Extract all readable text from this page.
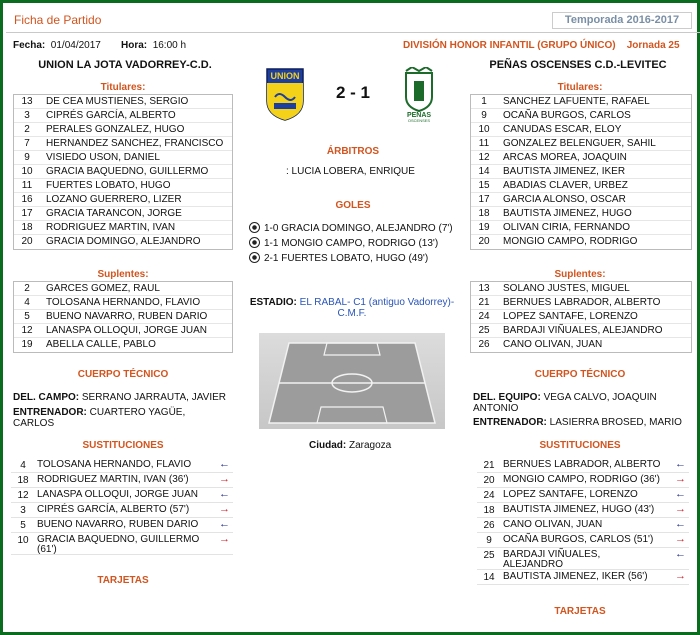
Ficha de Partido	Temporada 2016-2017
Fecha: 01/04/2017 Hora: 16:00 h	DIVISIÓN HONOR INFANTIL (GRUPO ÚNICO) Jornada 25
UNION LA JOTA VADORREY-C.D.	PEÑAS OSCENSES C.D.-LEVITEC
UNION
2 - 1
PEÑAS
OSCENSES
Titulares:	Titulares:
13	DE CEA MUSTIENES, SERGIO
3	CIPRÉS GARCÍA, ALBERTO
2	PERALES GONZALEZ, HUGO
7	HERNANDEZ SANCHEZ, FRANCISCO
9	VISIEDO USON, DANIEL
10	GRACIA BAQUEDNO, GUILLERMO
11	FUERTES LOBATO, HUGO
16	LOZANO GUERRERO, LIZER
17	GRACIA TARANCON, JORGE
18	RODRIGUEZ MARTIN, IVAN
20	GRACIA DOMINGO, ALEJANDRO
1	SANCHEZ LAFUENTE, RAFAEL
9	OCAÑA BURGOS, CARLOS
10	CANUDAS ESCAR, ELOY
11	GONZALEZ BELENGUER, SAHIL
12	ARCAS MOREA, JOAQUIN
14	BAUTISTA JIMENEZ, IKER
15	ABADIAS CLAVER, URBEZ
17	GARCIA ALONSO, OSCAR
18	BAUTISTA JIMENEZ, HUGO
19	OLIVAN CIRIA, FERNANDO
20	MONGIO CAMPO, RODRIGO
Suplentes:	Suplentes:
2	GARCES GOMEZ, RAUL
4	TOLOSANA HERNANDO, FLAVIO
5	BUENO NAVARRO, RUBEN DARIO
12	LANASPA OLLOQUI, JORGE JUAN
19	ABELLA CALLE, PABLO
13	SOLANO JUSTES, MIGUEL
21	BERNUES LABRADOR, ALBERTO
24	LOPEZ SANTAFE, LORENZO
25	BARDAJI VIÑUALES, ALEJANDRO
26	CANO OLIVAN, JUAN
ÁRBITROS
: LUCIA LOBERA, ENRIQUE
GOLES
1-0 GRACIA DOMINGO, ALEJANDRO (7')
1-1 MONGIO CAMPO, RODRIGO (13')
2-1 FUERTES LOBATO, HUGO (49')
ESTADIO: EL RABAL- C1 (antiguo Vadorrey)-
C.M.F.
Ciudad: Zaragoza
CUERPO TÉCNICO	CUERPO TÉCNICO
DEL. CAMPO: SERRANO JARRAUTA, JAVIER
ENTRENADOR: CUARTERO YAGÜE,
CARLOS
DEL. EQUIPO: VEGA CALVO, JOAQUIN
ANTONIO
ENTRENADOR: LASIERRA BROSED, MARIO
SUSTITUCIONES	SUSTITUCIONES
4	TOLOSANA HERNANDO, FLAVIO	←
18 RODRIGUEZ MARTIN, IVAN (36')	→
12 LANASPA OLLOQUI, JORGE JUAN ←
3	CIPRÉS GARCÍA, ALBERTO (57')	→
5	BUENO NAVARRO, RUBEN DARIO ←
10 GRACIA BAQUEDNO, GUILLERMO
(61')
→
21 BERNUES LABRADOR, ALBERTO ←
20 MONGIO CAMPO, RODRIGO (36') →
24 LOPEZ SANTAFE, LORENZO	←
18 BAUTISTA JIMENEZ, HUGO (43') →
26 CANO OLIVAN, JUAN	←
9	OCAÑA BURGOS, CARLOS (51') →
25 BARDAJI VIÑUALES,
ALEJANDRO
←
14 BAUTISTA JIMENEZ, IKER (56') →
TARJETAS
TARJETAS
